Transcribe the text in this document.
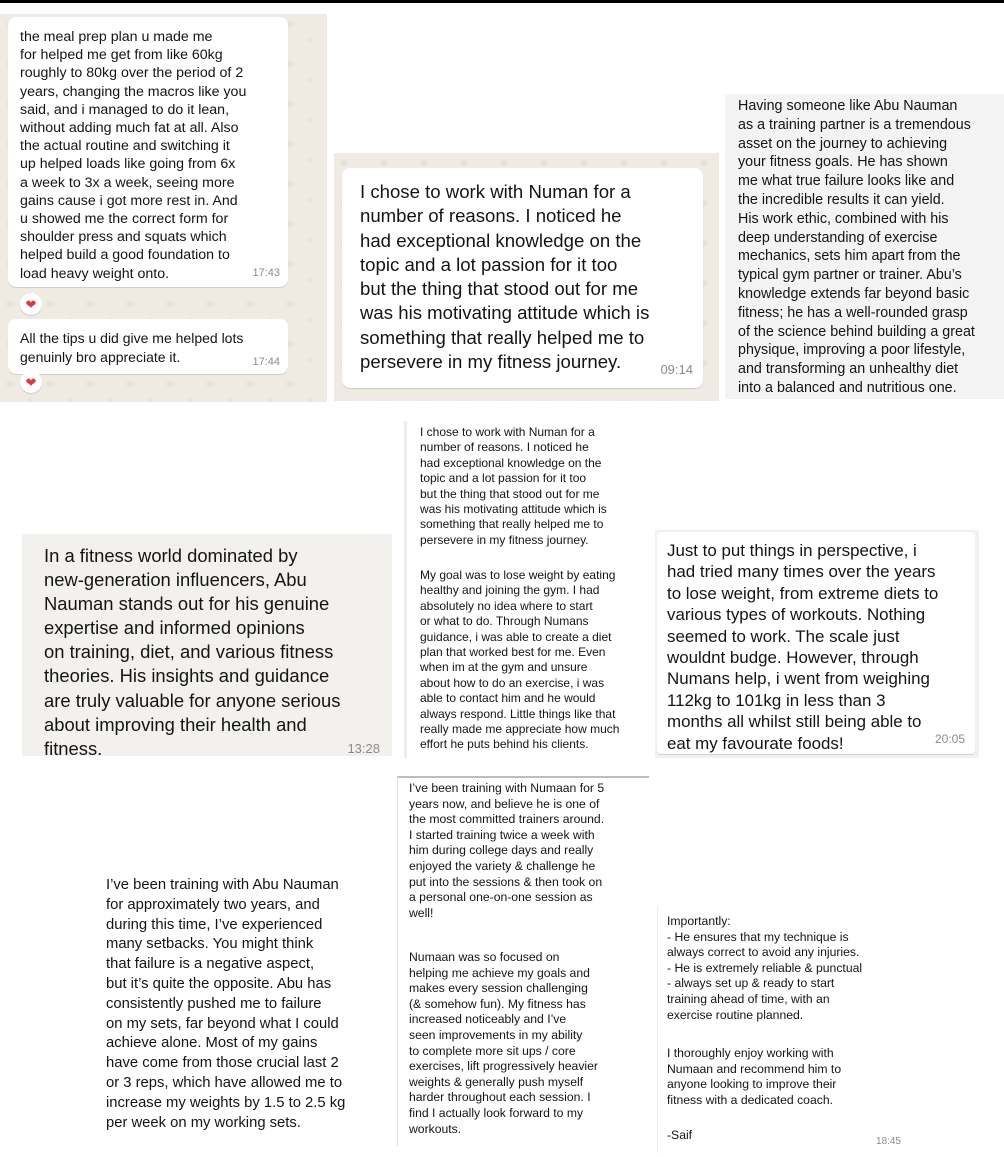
the meal prep plan u made me
for helped me get from like 60kg
roughly to 80kg over the period of 2
years, changing the macros like you
said, and i managed to do it lean,
without adding much fat at all. Also
the actual routine and switching it
up helped loads like going from 6x
a week to 3x a week, seeing more
gains cause i got more rest in. And
u showed me the correct form for
shoulder press and squats which
helped build a good foundation to
load heavy weight onto.	17:43
❤

All the tips u did give me helped lots
genuinly bro appreciate it.	17:44
❤

I chose to work with Numan for a
number of reasons. I noticed he
had exceptional knowledge on the
topic and a lot passion for it too
but the thing that stood out for me
was his motivating attitude which is
something that really helped me to
persevere in my fitness journey.	09:14

Having someone like Abu Nauman
as a training partner is a tremendous
asset on the journey to achieving
your fitness goals. He has shown
me what true failure looks like and
the incredible results it can yield.
His work ethic, combined with his
deep understanding of exercise
mechanics, sets him apart from the
typical gym partner or trainer. Abu’s
knowledge extends far beyond basic
fitness; he has a well-rounded grasp
of the science behind building a great
physique, improving a poor lifestyle,
and transforming an unhealthy diet
into a balanced and nutritious one.

In a fitness world dominated by
new-generation influencers, Abu
Nauman stands out for his genuine
expertise and informed opinions
on training, diet, and various fitness
theories. His insights and guidance
are truly valuable for anyone serious
about improving their health and
fitness.	13:28

I chose to work with Numan for a
number of reasons. I noticed he
had exceptional knowledge on the
topic and a lot passion for it too
but the thing that stood out for me
was his motivating attitude which is
something that really helped me to
persevere in my fitness journey.

My goal was to lose weight by eating
healthy and joining the gym. I had
absolutely no idea where to start
or what to do. Through Numans
guidance, i was able to create a diet
plan that worked best for me. Even
when im at the gym and unsure
about how to do an exercise, i was
able to contact him and he would
always respond. Little things like that
really made me appreciate how much
effort he puts behind his clients.

Just to put things in perspective, i
had tried many times over the years
to lose weight, from extreme diets to
various types of workouts. Nothing
seemed to work. The scale just
wouldnt budge. However, through
Numans help, i went from weighing
112kg to 101kg in less than 3
months all whilst still being able to
eat my favourate foods!	20:05

I’ve been training with Abu Nauman
for approximately two years, and
during this time, I’ve experienced
many setbacks. You might think
that failure is a negative aspect,
but it’s quite the opposite. Abu has
consistently pushed me to failure
on my sets, far beyond what I could
achieve alone. Most of my gains
have come from those crucial last 2
or 3 reps, which have allowed me to
increase my weights by 1.5 to 2.5 kg
per week on my working sets.

I’ve been training with Numaan for 5
years now, and believe he is one of
the most committed trainers around.
I started training twice a week with
him during college days and really
enjoyed the variety & challenge he
put into the sessions & then took on
a personal one-on-one session as
well!

Numaan was so focused on
helping me achieve my goals and
makes every session challenging
(& somehow fun). My fitness has
increased noticeably and I’ve
seen improvements in my ability
to complete more sit ups / core
exercises, lift progressively heavier
weights & generally push myself
harder throughout each session. I
find I actually look forward to my
workouts.

Importantly:
- He ensures that my technique is
always correct to avoid any injuries.
- He is extremely reliable & punctual
- always set up & ready to start
training ahead of time, with an
exercise routine planned.

I thoroughly enjoy working with
Numaan and recommend him to
anyone looking to improve their
fitness with a dedicated coach.

-Saif	18:45
